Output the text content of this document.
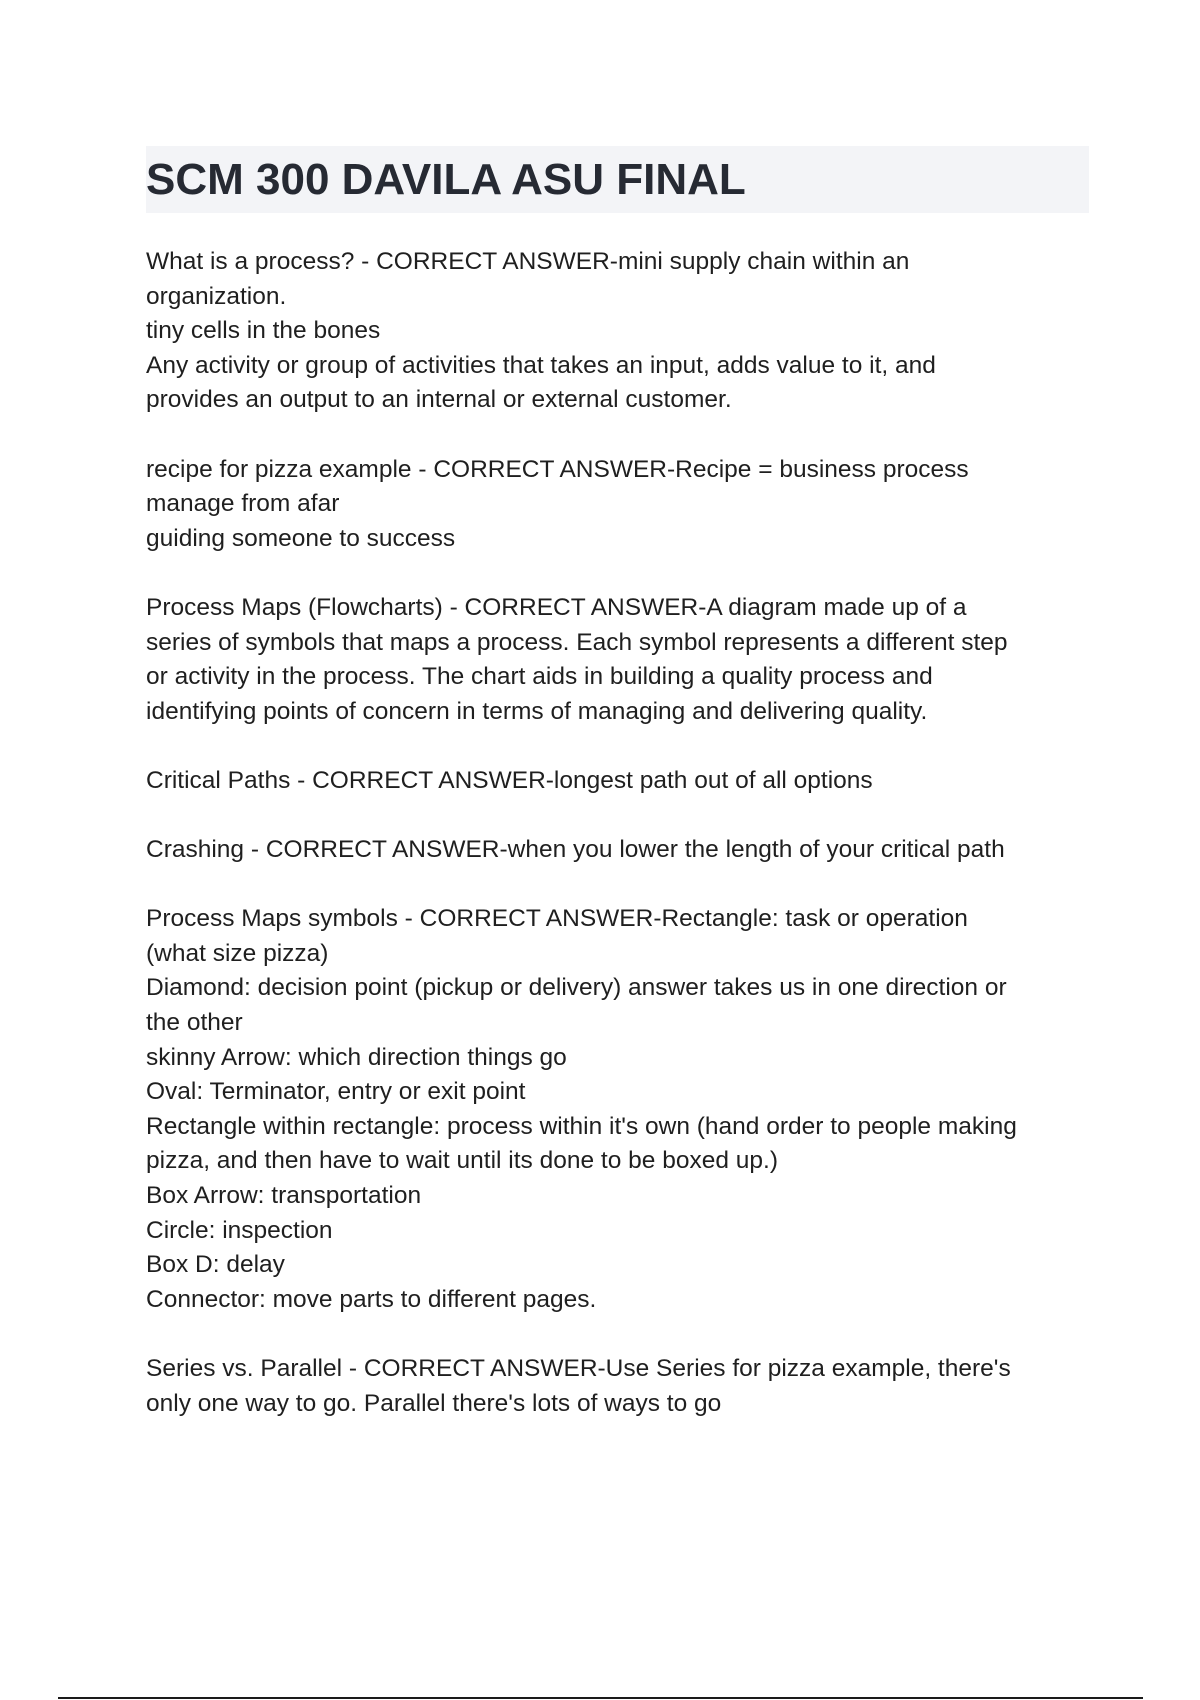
SCM 300 DAVILA ASU FINAL
What is a process? - CORRECT ANSWER-mini supply chain within an
organization.
tiny cells in the bones
Any activity or group of activities that takes an input, adds value to it, and
provides an output to an internal or external customer.
recipe for pizza example - CORRECT ANSWER-Recipe = business process
manage from afar
guiding someone to success
Process Maps (Flowcharts) - CORRECT ANSWER-A diagram made up of a
series of symbols that maps a process. Each symbol represents a different step
or activity in the process. The chart aids in building a quality process and
identifying points of concern in terms of managing and delivering quality.
Critical Paths - CORRECT ANSWER-longest path out of all options
Crashing - CORRECT ANSWER-when you lower the length of your critical path
Process Maps symbols - CORRECT ANSWER-Rectangle: task or operation
(what size pizza)
Diamond: decision point (pickup or delivery) answer takes us in one direction or
the other
skinny Arrow: which direction things go
Oval: Terminator, entry or exit point
Rectangle within rectangle: process within it's own (hand order to people making
pizza, and then have to wait until its done to be boxed up.)
Box Arrow: transportation
Circle: inspection
Box D: delay
Connector: move parts to different pages.
Series vs. Parallel - CORRECT ANSWER-Use Series for pizza example, there's
only one way to go. Parallel there's lots of ways to go
